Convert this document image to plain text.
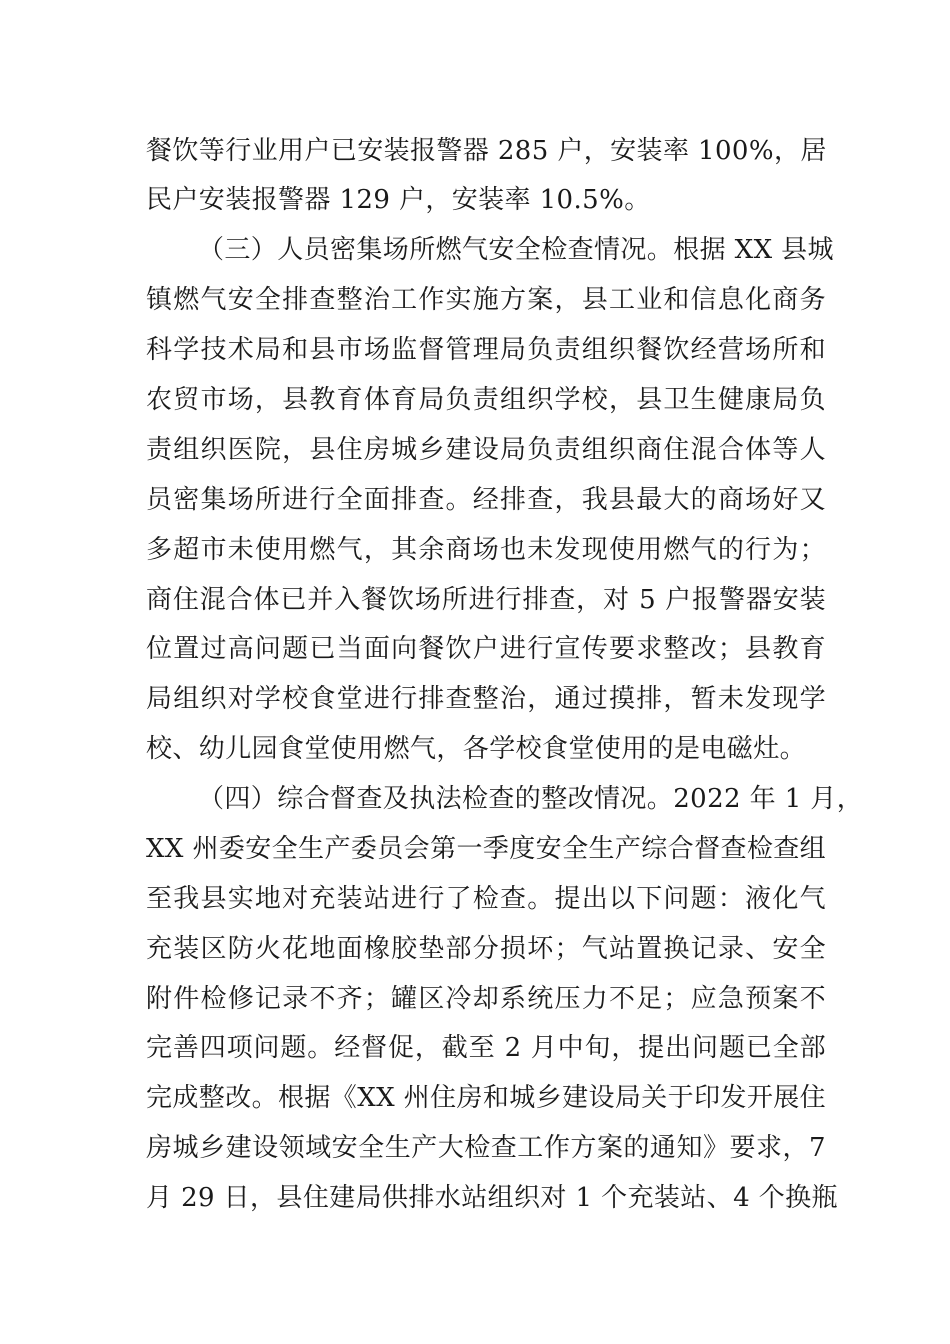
餐饮等行业用户已安装报警器 285 户，安装率 100%，居
民户安装报警器 129 户，安装率 10.5%。
（三）人员密集场所燃气安全检查情况。根据 XX 县城
镇燃气安全排查整治工作实施方案，县工业和信息化商务
科学技术局和县市场监督管理局负责组织餐饮经营场所和
农贸市场，县教育体育局负责组织学校，县卫生健康局负
责组织医院，县住房城乡建设局负责组织商住混合体等人
员密集场所进行全面排查。经排查，我县最大的商场好又
多超市未使用燃气，其余商场也未发现使用燃气的行为；
商住混合体已并入餐饮场所进行排查，对 5 户报警器安装
位置过高问题已当面向餐饮户进行宣传要求整改；县教育
局组织对学校食堂进行排查整治，通过摸排，暂未发现学
校、幼儿园食堂使用燃气，各学校食堂使用的是电磁灶。
（四）综合督查及执法检查的整改情况。2022 年 1 月，
XX 州委安全生产委员会第一季度安全生产综合督查检查组
至我县实地对充装站进行了检查。提出以下问题：液化气
充装区防火花地面橡胶垫部分损坏；气站置换记录、安全
附件检修记录不齐；罐区冷却系统压力不足；应急预案不
完善四项问题。经督促，截至 2 月中旬，提出问题已全部
完成整改。根据《XX 州住房和城乡建设局关于印发开展住
房城乡建设领域安全生产大检查工作方案的通知》要求，7
月 29 日，县住建局供排水站组织对 1 个充装站、4 个换瓶
